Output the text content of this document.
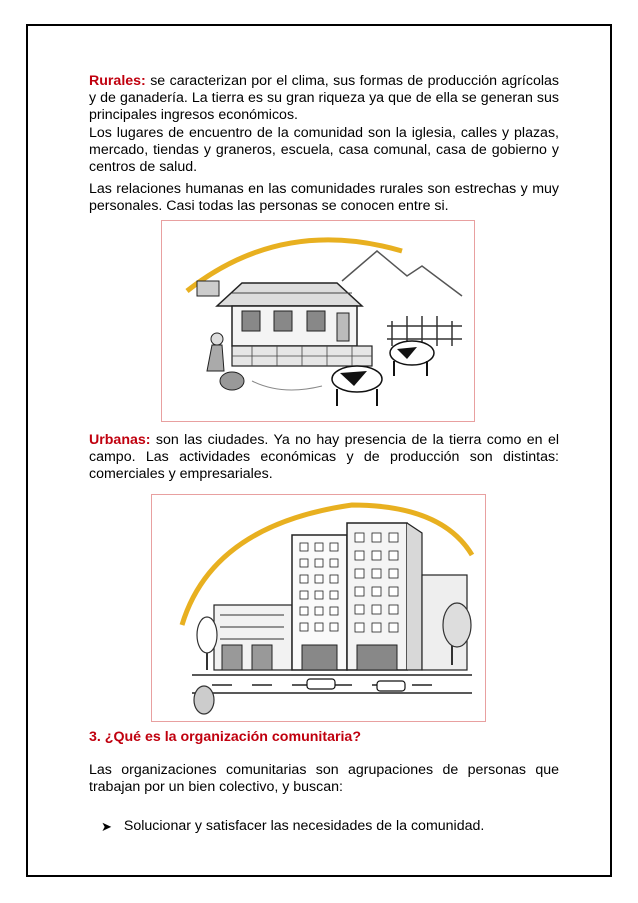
Rurales: se caracterizan por el clima, sus formas de producción agrícolas y de ganadería. La tierra es su gran riqueza ya que de ella se generan sus principales ingresos económicos.
Los lugares de encuentro de la comunidad son la iglesia, calles y plazas, mercado, tiendas y graneros, escuela, casa comunal, casa de gobierno y centros de salud.
Las relaciones humanas en las comunidades rurales son estrechas y muy personales. Casi todas las personas se conocen entre si.
Urbanas: son las ciudades. Ya no hay presencia de la tierra como en el campo. Las actividades económicas y de producción son distintas: comerciales y empresariales.
3. ¿Qué es la organización comunitaria?
Las organizaciones comunitarias son agrupaciones de personas que trabajan por un bien colectivo, y buscan:
➤ Solucionar y satisfacer las necesidades de la comunidad.
